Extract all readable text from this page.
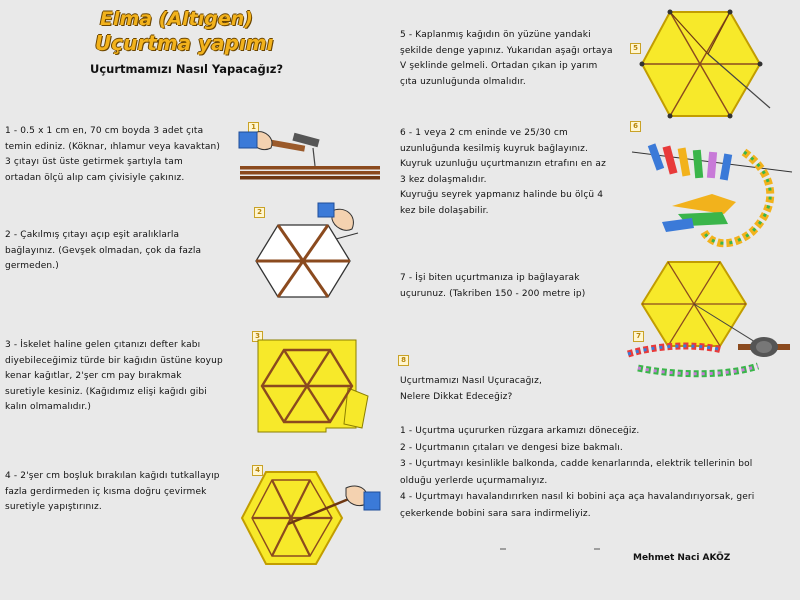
Elma (Altıgen)
Uçurtma yapımı
Uçurtmamızı Nasıl Yapacağız?
1 - 0.5 x 1 cm en, 70 cm boyda 3 adet çıta
temin ediniz. (Köknar, ıhlamur veya kavaktan)
3 çıtayı üst üste getirmek şartıyla tam
ortadan ölçü alıp cam çivisiyle çakınız.
2 - Çakılmış çıtayı açıp eşit aralıklarla
bağlayınız. (Gevşek olmadan, çok da fazla
germeden.)
3 - İskelet haline gelen çıtanızı defter kabı
diyebileceğimiz türde bir kağıdın üstüne koyup
kenar kağıtlar, 2'şer cm pay bırakmak
suretiyle kesiniz. (Kağıdımız elişi kağıdı gibi
kalın olmamalıdır.)
4 - 2'şer cm boşluk bırakılan kağıdı tutkallayıp
fazla gerdirmeden iç kısma doğru çevirmek
suretiyle yapıştırınız.
5 - Kaplanmış kağıdın ön yüzüne yandaki
şekilde denge yapınız. Yukarıdan aşağı ortaya
V şeklinde gelmeli. Ortadan çıkan ip yarım
çıta uzunluğunda olmalıdır.
6 - 1 veya 2 cm eninde ve 25/30 cm
uzunluğunda kesilmiş kuyruk bağlayınız.
Kuyruk uzunluğu uçurtmanızın etrafını en az
3 kez dolaşmalıdır.
Kuyruğu seyrek yapmanız halinde bu ölçü 4
kez bile dolaşabilir.
7 - İşi biten uçurtmanıza ip bağlayarak
uçurunuz. (Takriben 150 - 200 metre ip)
Uçurtmamızı Nasıl Uçuracağız,
Nelere Dikkat Edeceğiz?
1 - Uçurtma uçururken rüzgara arkamızı döneceğiz.
2 - Uçurtmanın çıtaları ve dengesi bize bakmalı.
3 - Uçurtmayı kesinlikle balkonda, cadde kenarlarında, elektrik tellerinin bol
olduğu yerlerde uçurmamalıyız.
4 - Uçurtmayı havalandırırken nasıl ki bobini aça aça havalandırıyorsak, geri
çekerkende bobini sara sara indirmeliyiz.
Mehmet Naci AKÖZ
1
2
3
4
5
6
7
8
